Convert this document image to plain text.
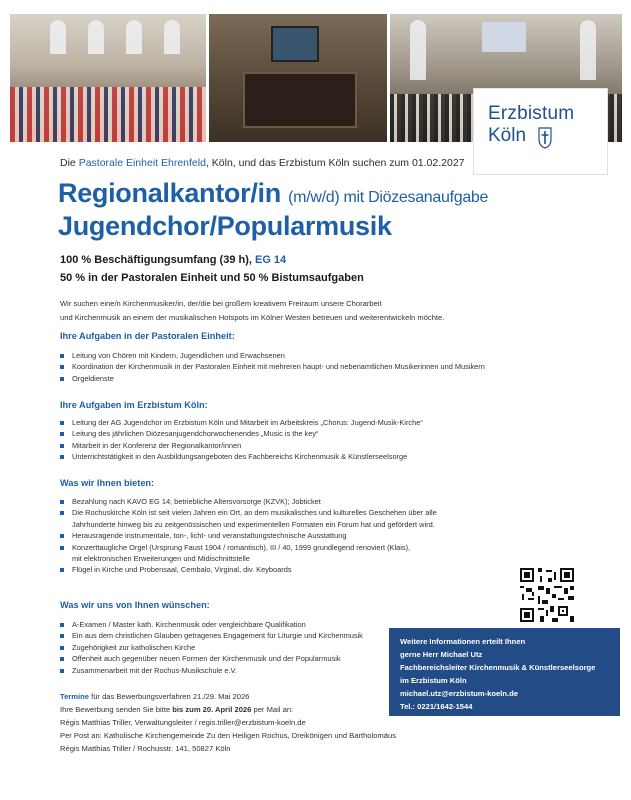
Erzbistum
Köln
Die Pastorale Einheit Ehrenfeld, Köln, und das Erzbistum Köln suchen zum 01.02.2027
Regionalkantor/in (m/w/d) mit Diözesanaufgabe
Jugendchor/Popularmusik
100 % Beschäftigungsumfang (39 h), EG 14
50 % in der Pastoralen Einheit und 50 % Bistumsaufgaben
Wir suchen eine/n Kirchenmusiker/in, der/die bei großem kreativem Freiraum unsere Chorarbeit
und Kirchenmusik an einem der musikalischen Hotspots im Kölner Westen betreuen und weiterentwickeln möchte.
Ihre Aufgaben in der Pastoralen Einheit:
Leitung von Chören mit Kindern, Jugendlichen und Erwachsenen
Koordination der Kirchenmusik in der Pastoralen Einheit mit mehreren haupt- und nebenamtlichen Musikerinnen und Musikern
Orgeldienste
Ihre Aufgaben im Erzbistum Köln:
Leitung der AG Jugendchor im Erzbistum Köln und Mitarbeit im Arbeitskreis „Chorus: Jugend-Musik-Kirche“
Leitung des jährlichen Diözesanjugendchorwochenendes „Music is the key“
Mitarbeit in der Konferenz der Regionalkantor/innen
Unterrichtstätigkeit in den Ausbildungsangeboten des Fachbereichs Kirchenmusik & Künstlerseelsorge
Was wir Ihnen bieten:
Bezahlung nach KAVO EG 14; betriebliche Altersvorsorge (KZVK); Jobticket
Die Rochuskirche Köln ist seit vielen Jahren ein Ort, an dem musikalisches und kulturelles Geschehen über alle
Jahrhunderte hinweg bis zu zeitgenössischen und experimentellen Formaten ein Forum hat und gefördert wird.
Herausragende instrumentale, ton-, licht- und veranstaltungstechnische Ausstattung
Konzerttaugliche Orgel (Ursprung Faust 1904 / romantisch), III / 40, 1999 grundlegend renoviert (Klais),
mit elektronischen Erweiterungen und Midischnittstelle
Flügel in Kirche und Probensaal, Cembalo, Virginal, div. Keyboards
Was wir uns von Ihnen wünschen:
A-Examen / Master kath. Kirchenmusik oder vergleichbare Qualifikation
Ein aus dem christlichen Glauben getragenes Engagement für Liturgie und Kirchenmusik
Zugehörigkeit zur katholischen Kirche
Offenheit auch gegenüber neuen Formen der Kirchenmusik und der Popularmusik
Zusammenarbeit mit der Rochus-Musikschule e.V.
Termine für das Bewerbungsverfahren 21./29. Mai 2026
Ihre Bewerbung senden Sie bitte bis zum 20. April 2026 per Mail an:
Régis Matthias Triller, Verwaltungsleiter / regis.triller@erzbistum-koeln.de
Per Post an: Katholische Kirchengemeinde Zu den Heiligen Rochus, Dreikönigen und Bartholomäus
Régis Matthias Triller / Rochusstr. 141, 50827 Köln
Weitere Informationen erteilt Ihnen
gerne Herr Michael Utz
Fachbereichsleiter Kirchenmusik & Künstlerseelsorge
im Erzbistum Köln
michael.utz@erzbistum-koeln.de
Tel.: 0221/1642-1544
